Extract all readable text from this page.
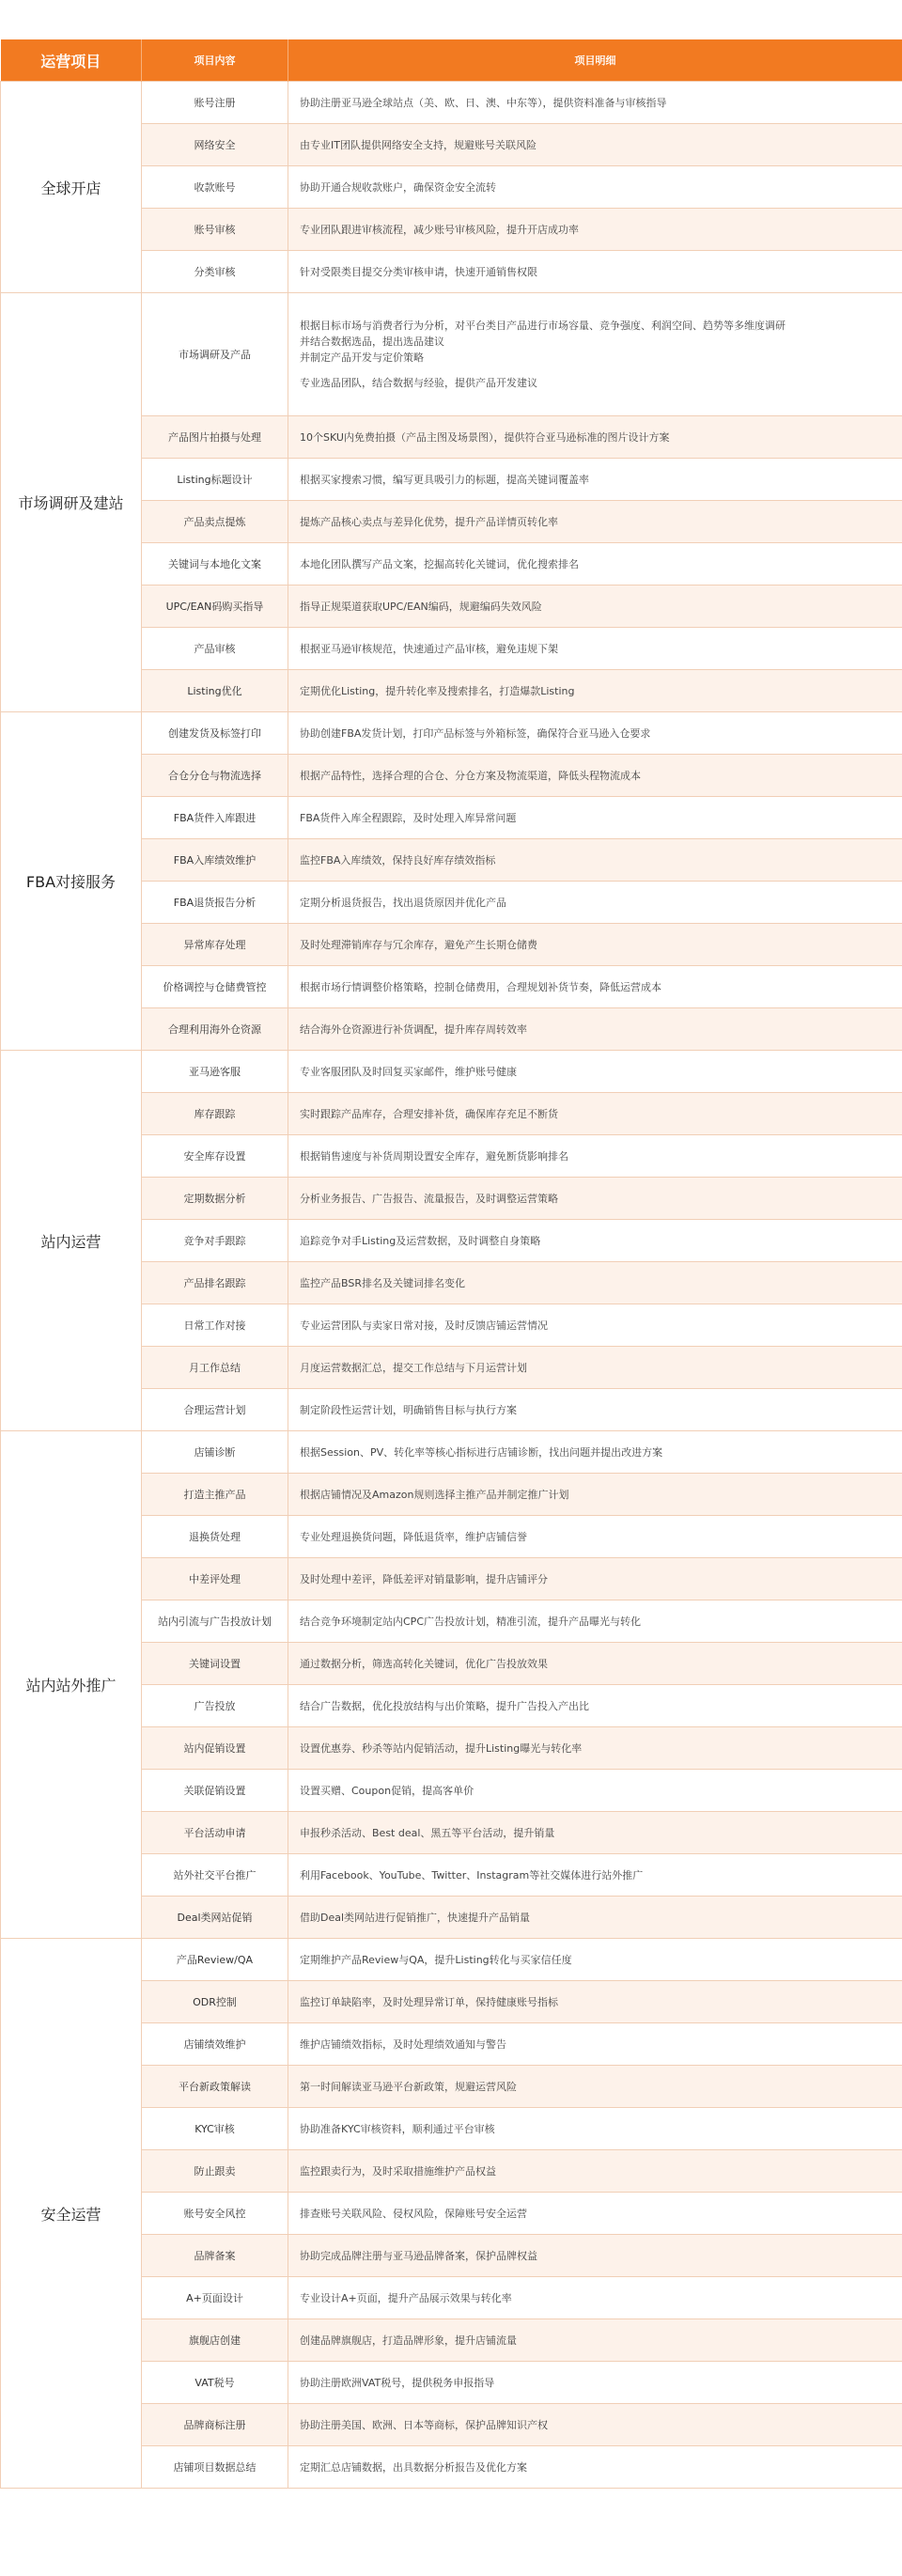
运营项目	项目内容	项目明细
全球开店	账号注册	协助注册亚马逊全球站点（美、欧、日、澳、中东等），提供资料准备与审核指导

	网络安全	由专业IT团队提供网络安全支持，规避账号关联风险

	收款账号	协助开通合规收款账户，确保资金安全流转

	账号审核	专业团队跟进审核流程，减少账号审核风险，提升开店成功率

	分类审核	针对受限类目提交分类审核申请，快速开通销售权限

市场调研及建站	市场调研及产品	根据目标市场与消费者行为分析，对平台类目产品进行市场容量、竞争强度、利润空间、趋势等多维度调研
并结合数据选品，提出选品建议
并制定产品开发与定价策略
专业选品团队，结合数据与经验，提供产品开发建议

	产品图片拍摄与处理	10个SKU内免费拍摄（产品主图及场景图），提供符合亚马逊标准的图片设计方案

	Listing标题设计	根据买家搜索习惯，编写更具吸引力的标题，提高关键词覆盖率

	产品卖点提炼	提炼产品核心卖点与差异化优势，提升产品详情页转化率

	关键词与本地化文案	本地化团队撰写产品文案，挖掘高转化关键词，优化搜索排名

	UPC/EAN码购买指导	指导正规渠道获取UPC/EAN编码，规避编码失效风险

	产品审核	根据亚马逊审核规范，快速通过产品审核，避免违规下架

	Listing优化	定期优化Listing，提升转化率及搜索排名，打造爆款Listing

FBA对接服务	创建发货及标签打印	协助创建FBA发货计划，打印产品标签与外箱标签，确保符合亚马逊入仓要求

	合仓分仓与物流选择	根据产品特性，选择合理的合仓、分仓方案及物流渠道，降低头程物流成本

	FBA货件入库跟进	FBA货件入库全程跟踪，及时处理入库异常问题

	FBA入库绩效维护	监控FBA入库绩效，保持良好库存绩效指标

	FBA退货报告分析	定期分析退货报告，找出退货原因并优化产品

	异常库存处理	及时处理滞销库存与冗余库存，避免产生长期仓储费

	价格调控与仓储费管控	根据市场行情调整价格策略，控制仓储费用，合理规划补货节奏，降低运营成本

	合理利用海外仓资源	结合海外仓资源进行补货调配，提升库存周转效率

站内运营	亚马逊客服	专业客服团队及时回复买家邮件，维护账号健康

	库存跟踪	实时跟踪产品库存，合理安排补货，确保库存充足不断货

	安全库存设置	根据销售速度与补货周期设置安全库存，避免断货影响排名

	定期数据分析	分析业务报告、广告报告、流量报告，及时调整运营策略

	竞争对手跟踪	追踪竞争对手Listing及运营数据，及时调整自身策略

	产品排名跟踪	监控产品BSR排名及关键词排名变化

	日常工作对接	专业运营团队与卖家日常对接，及时反馈店铺运营情况

	月工作总结	月度运营数据汇总，提交工作总结与下月运营计划

	合理运营计划	制定阶段性运营计划，明确销售目标与执行方案

站内站外推广	店铺诊断	根据Session、PV、转化率等核心指标进行店铺诊断，找出问题并提出改进方案

	打造主推产品	根据店铺情况及Amazon规则选择主推产品并制定推广计划

	退换货处理	专业处理退换货问题，降低退货率，维护店铺信誉

	中差评处理	及时处理中差评，降低差评对销量影响，提升店铺评分

	站内引流与广告投放计划	结合竞争环境制定站内CPC广告投放计划，精准引流，提升产品曝光与转化

	关键词设置	通过数据分析，筛选高转化关键词，优化广告投放效果

	广告投放	结合广告数据，优化投放结构与出价策略，提升广告投入产出比

	站内促销设置	设置优惠券、秒杀等站内促销活动，提升Listing曝光与转化率

	关联促销设置	设置买赠、Coupon促销，提高客单价

	平台活动申请	申报秒杀活动、Best deal、黑五等平台活动，提升销量

	站外社交平台推广	利用Facebook、YouTube、Twitter、Instagram等社交媒体进行站外推广

	Deal类网站促销	借助Deal类网站进行促销推广，快速提升产品销量

安全运营	产品Review/QA	定期维护产品Review与QA，提升Listing转化与买家信任度

	ODR控制	监控订单缺陷率，及时处理异常订单，保持健康账号指标

	店铺绩效维护	维护店铺绩效指标，及时处理绩效通知与警告

	平台新政策解读	第一时间解读亚马逊平台新政策，规避运营风险

	KYC审核	协助准备KYC审核资料，顺利通过平台审核

	防止跟卖	监控跟卖行为，及时采取措施维护产品权益

	账号安全风控	排查账号关联风险、侵权风险，保障账号安全运营

	品牌备案	协助完成品牌注册与亚马逊品牌备案，保护品牌权益

	A+页面设计	专业设计A+页面，提升产品展示效果与转化率

	旗舰店创建	创建品牌旗舰店，打造品牌形象，提升店铺流量

	VAT税号	协助注册欧洲VAT税号，提供税务申报指导

	品牌商标注册	协助注册美国、欧洲、日本等商标，保护品牌知识产权

	店铺项目数据总结	定期汇总店铺数据，出具数据分析报告及优化方案
